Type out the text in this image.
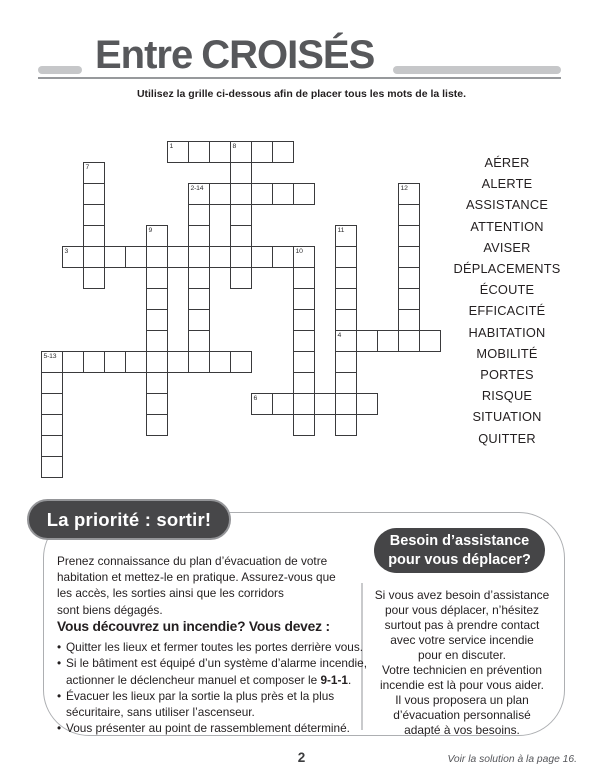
Entre CROISÉS
Utilisez la grille ci-dessous afin de placer tous les mots de la liste.
1	8
2-14
3	10
4
5-13
6
7
9	11
12
AÉRER
ALERTE
ASSISTANCE
ATTENTION
AVISER
DÉPLACEMENTS
ÉCOUTE
EFFICACITÉ
HABITATION
MOBILITÉ
PORTES
RISQUE
SITUATION
QUITTER
La priorité : sortir!
Prenez connaissance du plan d’évacuation de votre
habitation et mettez-le en pratique. Assurez-vous que
les accès, les sorties ainsi que les corridors
sont biens dégagés.
Vous découvrez un incendie? Vous devez :
• Quitter les lieux et fermer toutes les portes derrière vous.
• Si le bâtiment est équipé d’un système d’alarme incendie,
actionner le déclencheur manuel et composer le 9-1-1.
• Évacuer les lieux par la sortie la plus près et la plus
sécuritaire, sans utiliser l’ascenseur.
• Vous présenter au point de rassemblement déterminé.
Besoin d’assistance
pour vous déplacer?
Si vous avez besoin d’assistance
pour vous déplacer, n’hésitez
surtout pas à prendre contact
avec votre service incendie
pour en discuter.
Votre technicien en prévention
incendie est là pour vous aider.
Il vous proposera un plan
d’évacuation personnalisé
adapté à vos besoins.
2	Voir la solution à la page 16.
